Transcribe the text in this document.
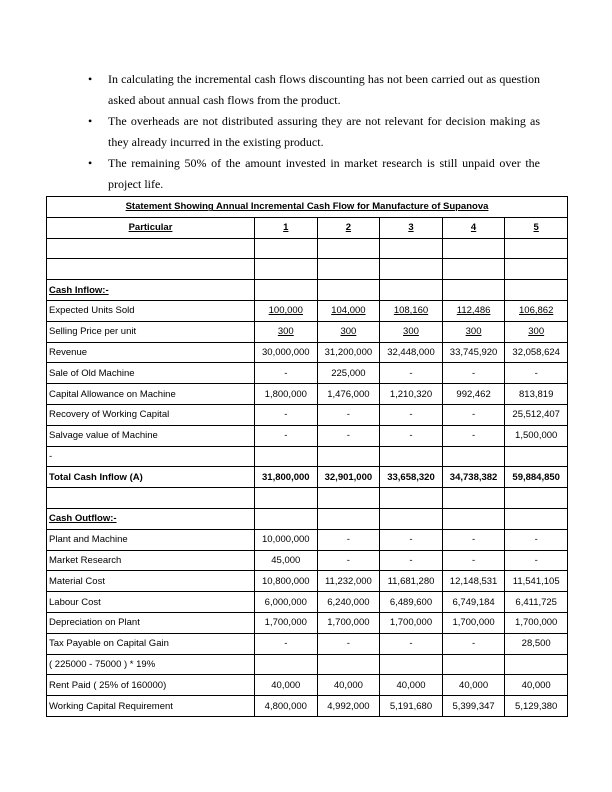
• In calculating the incremental cash flows discounting has not been carried out as question asked about annual cash flows from the product.
• The overheads are not distributed assuring they are not relevant for decision making as they already incurred in the existing product.
• The remaining 50% of the amount invested in market research is still unpaid over the project life.
Statement Showing Annual Incremental Cash Flow for Manufacture of Supanova					
Particular	1	2	3	4	5

Cash Inflow:-					
Expected Units Sold	100,000	104,000	108,160	112,486	106,862
Selling Price per unit	300	300	300	300	300
Revenue	30,000,000	31,200,000	32,448,000	33,745,920	32,058,624
Sale of Old Machine	-	225,000	-	-	-
Capital Allowance on Machine	1,800,000	1,476,000	1,210,320	992,462	813,819
Recovery of Working Capital	-	-	-	-	25,512,407
Salvage value of Machine	-	-	-	-	1,500,000
-					
Total Cash Inflow (A)	31,800,000	32,901,000	33,658,320	34,738,382	59,884,850

Cash Outflow:-					
Plant and Machine	10,000,000	-	-	-	-
Market Research	45,000	-	-	-	-
Material Cost	10,800,000	11,232,000	11,681,280	12,148,531	11,541,105
Labour Cost	6,000,000	6,240,000	6,489,600	6,749,184	6,411,725
Depreciation on Plant	1,700,000	1,700,000	1,700,000	1,700,000	1,700,000
Tax Payable on Capital Gain	-	-	-	-	28,500
( 225000 - 75000 ) * 19%					
Rent Paid ( 25% of 160000)	40,000	40,000	40,000	40,000	40,000
Working Capital Requirement	4,800,000	4,992,000	5,191,680	5,399,347	5,129,380
